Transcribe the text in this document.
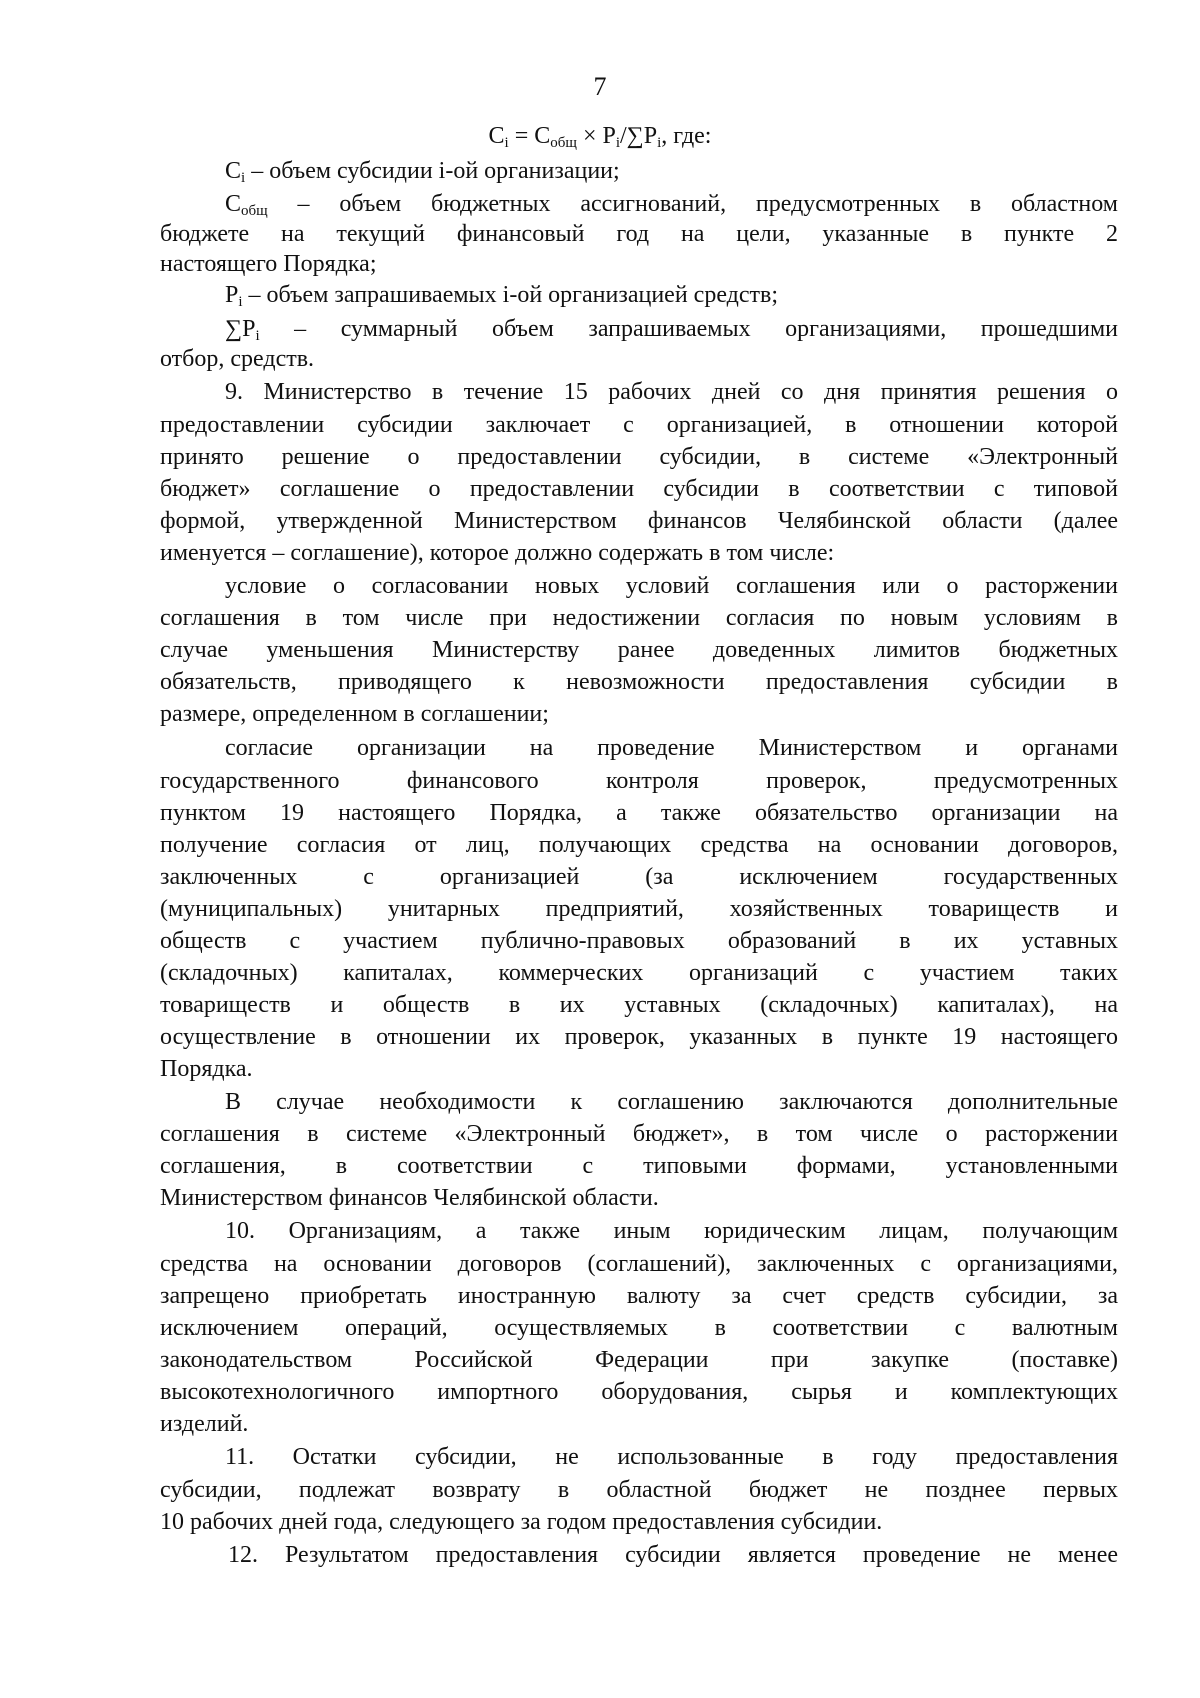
7
$C_i = C_{общ} \times P_i/\sum P_i$, где:
$C_i$ – объем субсидии i-ой организации;
$C_{общ}$ – объем бюджетных ассигнований, предусмотренных в областном
бюджете на текущий финансовый год на цели, указанные в пункте 2
настоящего Порядка;
$P_i$ – объем запрашиваемых i-ой организацией средств;
$\sum P_i$ – суммарный объем запрашиваемых организациями, прошедшими
отбор, средств.
9. Министерство в течение 15 рабочих дней со дня принятия решения о
предоставлении субсидии заключает с организацией, в отношении которой
принято решение о предоставлении субсидии, в системе «Электронный
бюджет» соглашение о предоставлении субсидии в соответствии с типовой
формой, утвержденной Министерством финансов Челябинской области (далее
именуется – соглашение), которое должно содержать в том числе:
условие о согласовании новых условий соглашения или о расторжении
соглашения в том числе при недостижении согласия по новым условиям в
случае уменьшения Министерству ранее доведенных лимитов бюджетных
обязательств, приводящего к невозможности предоставления субсидии в
размере, определенном в соглашении;
согласие организации на проведение Министерством и органами
государственного финансового контроля проверок, предусмотренных
пунктом 19 настоящего Порядка, а также обязательство организации на
получение согласия от лиц, получающих средства на основании договоров,
заключенных с организацией (за исключением государственных
(муниципальных) унитарных предприятий, хозяйственных товариществ и
обществ с участием публично-правовых образований в их уставных
(складочных) капиталах, коммерческих организаций с участием таких
товариществ и обществ в их уставных (складочных) капиталах), на
осуществление в отношении их проверок, указанных в пункте 19 настоящего
Порядка.
В случае необходимости к соглашению заключаются дополнительные
соглашения в системе «Электронный бюджет», в том числе о расторжении
соглашения, в соответствии с типовыми формами, установленными
Министерством финансов Челябинской области.
10. Организациям, а также иным юридическим лицам, получающим
средства на основании договоров (соглашений), заключенных с организациями,
запрещено приобретать иностранную валюту за счет средств субсидии, за
исключением операций, осуществляемых в соответствии с валютным
законодательством Российской Федерации при закупке (поставке)
высокотехнологичного импортного оборудования, сырья и комплектующих
изделий.
11. Остатки субсидии, не использованные в году предоставления
субсидии, подлежат возврату в областной бюджет не позднее первых
10 рабочих дней года, следующего за годом предоставления субсидии.
12. Результатом предоставления субсидии является проведение не менее
